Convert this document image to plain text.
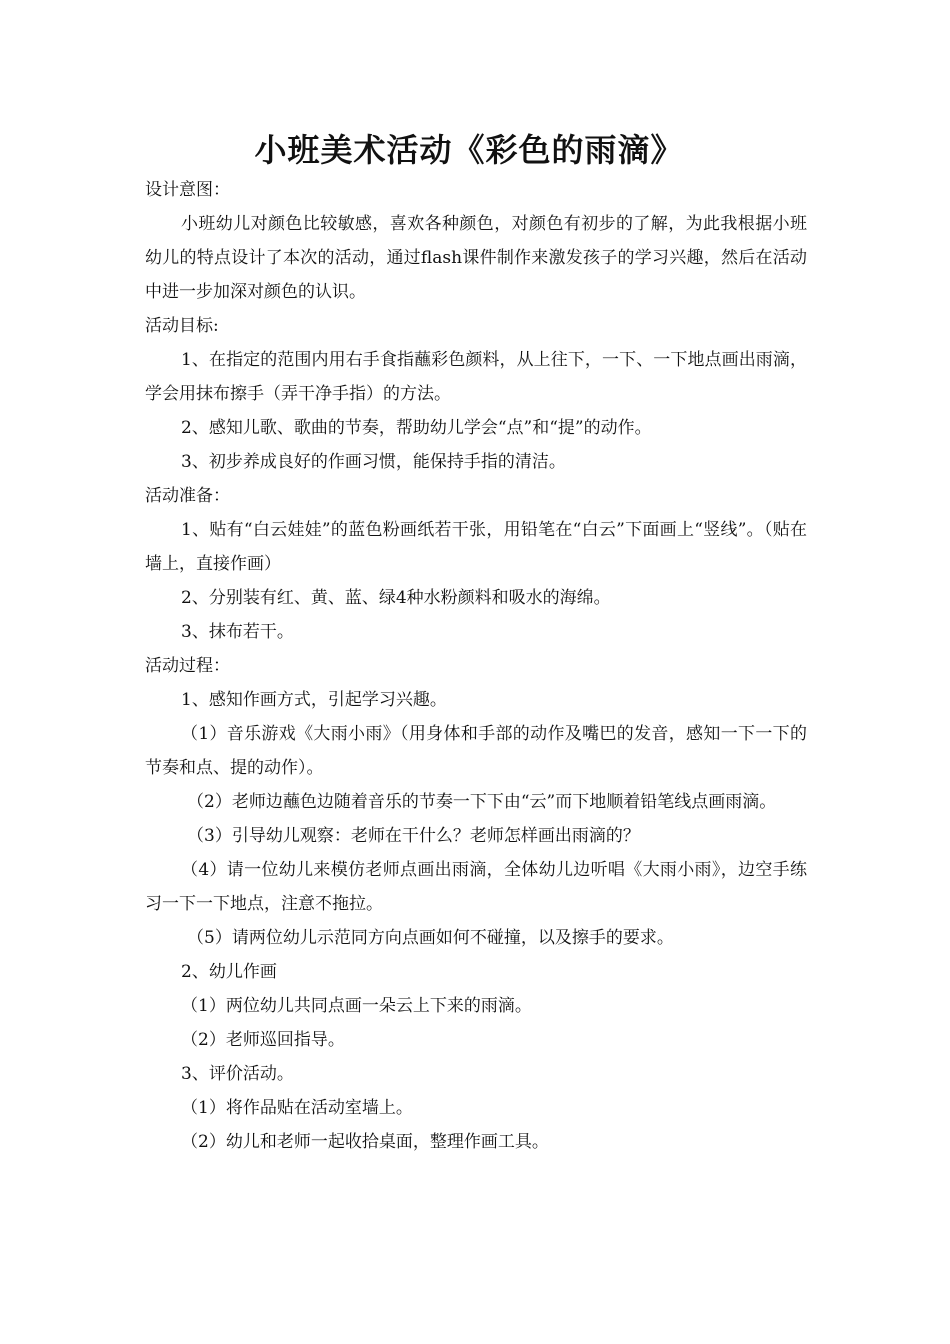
小班美术活动《彩色的雨滴》

设计意图：

小班幼儿对颜色比较敏感，喜欢各种颜色，对颜色有初步的了解，为此我根据小班幼儿的特点设计了本次的活动，通过flash课件制作来激发孩子的学习兴趣，然后在活动中进一步加深对颜色的认识。

活动目标:

1、在指定的范围内用右手食指蘸彩色颜料，从上往下，一下、一下地点画出雨滴，学会用抹布擦手（弄干净手指）的方法。

2、感知儿歌、歌曲的节奏，帮助幼儿学会“点”和“提”的动作。

3、初步养成良好的作画习惯，能保持手指的清洁。

活动准备：

1、贴有“白云娃娃”的蓝色粉画纸若干张，用铅笔在“白云”下面画上“竖线”。（贴在墙上，直接作画）

2、分别装有红、黄、蓝、绿4种水粉颜料和吸水的海绵。

3、抹布若干。

活动过程：

1、感知作画方式，引起学习兴趣。

（1）音乐游戏《大雨小雨》（用身体和手部的动作及嘴巴的发音，感知一下一下的节奏和点、提的动作）。

（2）老师边蘸色边随着音乐的节奏一下下由“云”而下地顺着铅笔线点画雨滴。

（3）引导幼儿观察：老师在干什么？老师怎样画出雨滴的？

（4）请一位幼儿来模仿老师点画出雨滴，全体幼儿边听唱《大雨小雨》，边空手练习一下一下地点，注意不拖拉。

（5）请两位幼儿示范同方向点画如何不碰撞，以及擦手的要求。

2、幼儿作画

（1）两位幼儿共同点画一朵云上下来的雨滴。

（2）老师巡回指导。

3、评价活动。

（1）将作品贴在活动室墙上。

（2）幼儿和老师一起收拾桌面，整理作画工具。
